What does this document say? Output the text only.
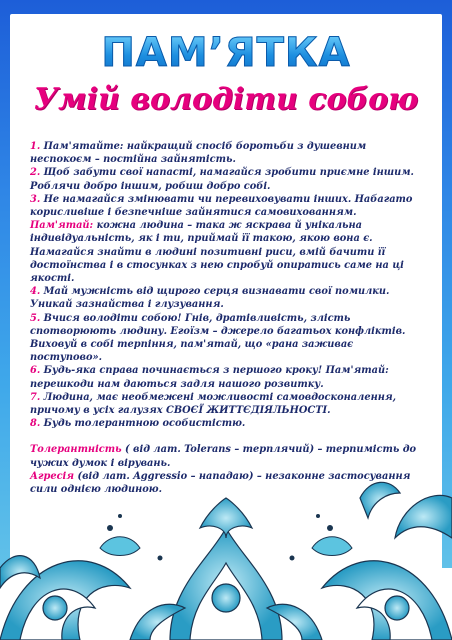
ПАМ’ЯТКА
Умій володіти собою

1. Пам'ятайте: найкращий спосіб боротьби з душевним неспокоєм – постійна зайнятість.

2. Щоб забути свої напасті, намагайся зробити приємне іншим. Роблячи добро іншим, робиш добро собі.

3. Не намагайся змінювати чи перевиховувати інших. Набагато корисливіше і безпечніше зайнятися самовихованням.

Пам'ятай: кожна людина – така ж яскрава й унікальна індивідуальність, як і ти, приймай її такою, якою вона є. Намагайся знайти в людині позитивні риси, вмій бачити її достоїнства і в стосунках з нею спробуй опиратись саме на ці якості.

4. Май мужність від щирого серця визнавати свої помилки. Уникай зазнайства і глузування.

5. Вчися володіти собою! Гнів, дратівливість, злість спотворюють людину. Егоїзм – джерело багатьох конфліктів. Виховуй в собі терпіння, пам'ятай, що «рана заживає поступово».

6. Будь-яка справа починається з першого кроку! Пам'ятай: перешкоди нам даються задля нашого розвитку.

7. Людина, має необмежені можливості самовдосконалення, причому в усіх галузях СВОЄЇ ЖИТТЄДІЯЛЬНОСТІ.

8. Будь толерантною особистістю.

Толерантність ( від лат. Tolerans – терплячий) – терпимість до чужих думок і вірувань.

Агресія (від лат. Aggressio – нападаю) – незаконне застосування сили однією людиною.
